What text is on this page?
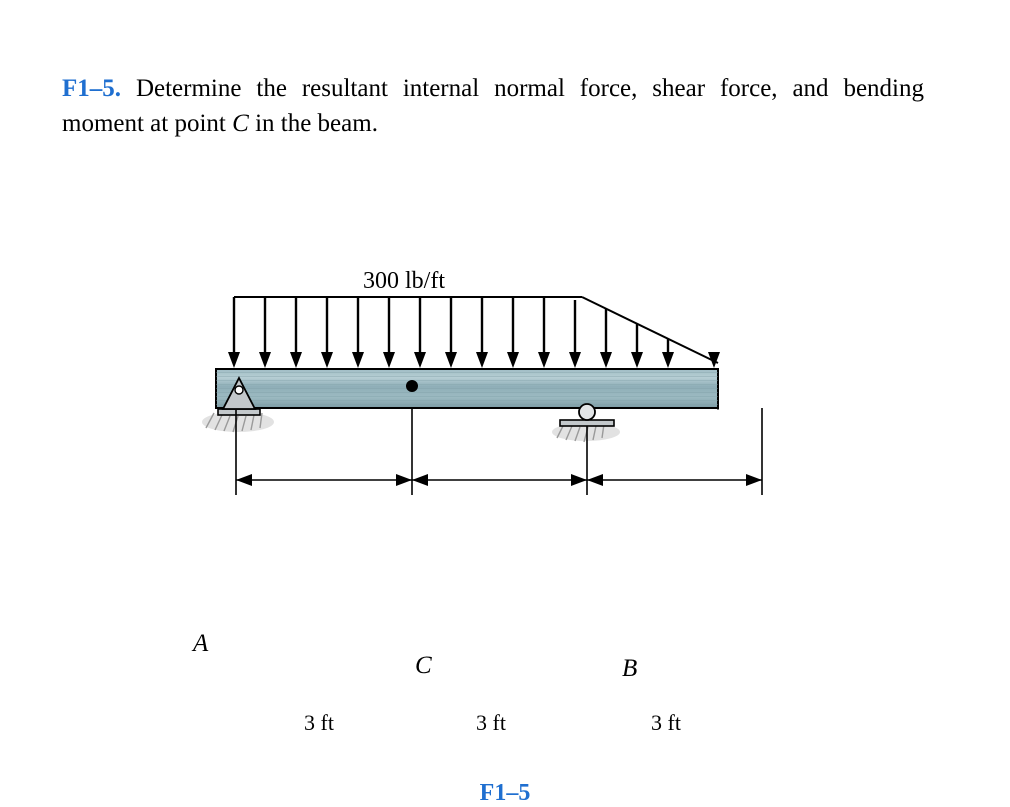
F1–5. Determine the resultant internal normal force, shear force, and bending moment at point C in the beam.
300 lb/ft
A
B
C
3 ft	3 ft	3 ft
F1–5
